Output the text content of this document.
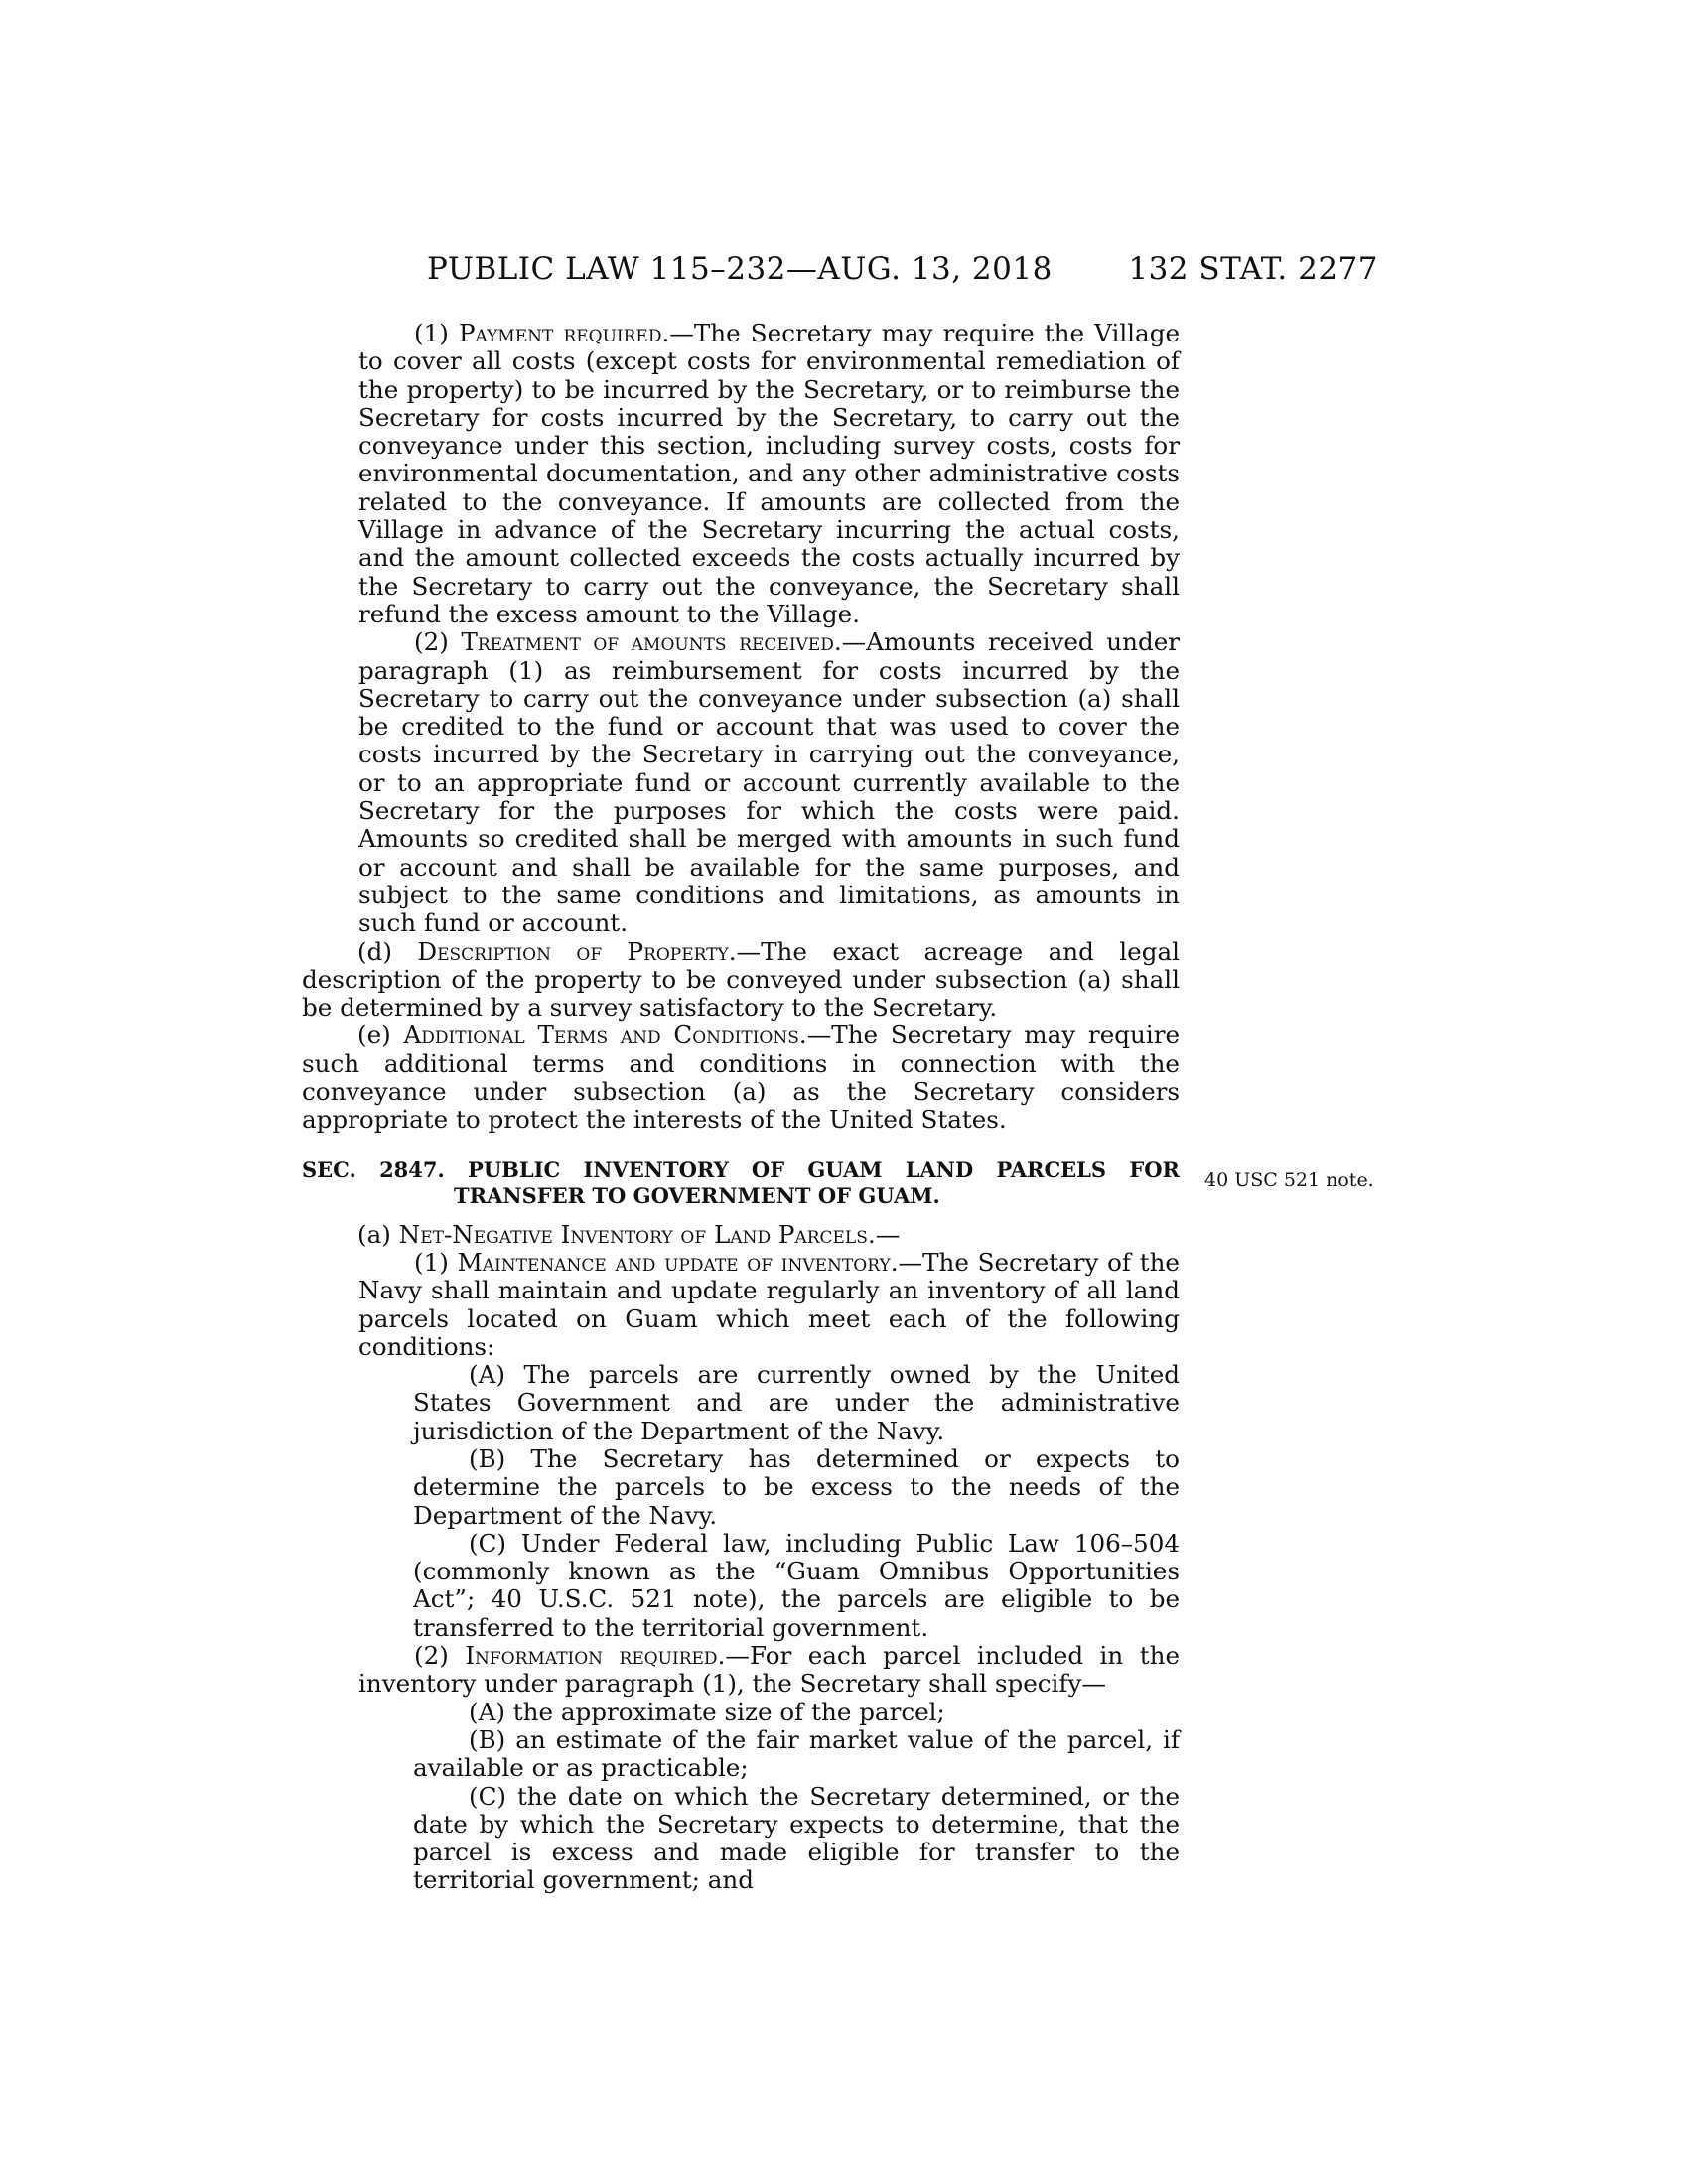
PUBLIC LAW 115–232—AUG. 13, 2018 132 STAT. 2277
40 USC 521 note.

(1) Payment required.—The Secretary may require the Village to cover all costs (except costs for environmental remediation of the property) to be incurred by the Secretary, or to reimburse the Secretary for costs incurred by the Secretary, to carry out the conveyance under this section, including survey costs, costs for environmental documentation, and any other administrative costs related to the conveyance. If amounts are collected from the Village in advance of the Secretary incurring the actual costs, and the amount collected exceeds the costs actually incurred by the Secretary to carry out the conveyance, the Secretary shall refund the excess amount to the Village.

(2) Treatment of amounts received.—Amounts received under paragraph (1) as reimbursement for costs incurred by the Secretary to carry out the conveyance under subsection (a) shall be credited to the fund or account that was used to cover the costs incurred by the Secretary in carrying out the conveyance, or to an appropriate fund or account currently available to the Secretary for the purposes for which the costs were paid. Amounts so credited shall be merged with amounts in such fund or account and shall be available for the same purposes, and subject to the same conditions and limitations, as amounts in such fund or account.

(d) Description of Property.—The exact acreage and legal description of the property to be conveyed under subsection (a) shall be determined by a survey satisfactory to the Secretary.

(e) Additional Terms and Conditions.—The Secretary may require such additional terms and conditions in connection with the conveyance under subsection (a) as the Secretary considers appropriate to protect the interests of the United States.

SEC. 2847. PUBLIC INVENTORY OF GUAM LAND PARCELS FOR TRANSFER TO GOVERNMENT OF GUAM.

(a) Net-Negative Inventory of Land Parcels.—

(1) Maintenance and update of inventory.—The Secretary of the Navy shall maintain and update regularly an inventory of all land parcels located on Guam which meet each of the following conditions:

(A) The parcels are currently owned by the United States Government and are under the administrative jurisdiction of the Department of the Navy.

(B) The Secretary has determined or expects to determine the parcels to be excess to the needs of the Department of the Navy.

(C) Under Federal law, including Public Law 106–504 (commonly known as the “Guam Omnibus Opportunities Act”; 40 U.S.C. 521 note), the parcels are eligible to be transferred to the territorial government.

(2) Information required.—For each parcel included in the inventory under paragraph (1), the Secretary shall specify—

(A) the approximate size of the parcel;

(B) an estimate of the fair market value of the parcel, if available or as practicable;

(C) the date on which the Secretary determined, or the date by which the Secretary expects to determine, that the parcel is excess and made eligible for transfer to the territorial government; and
